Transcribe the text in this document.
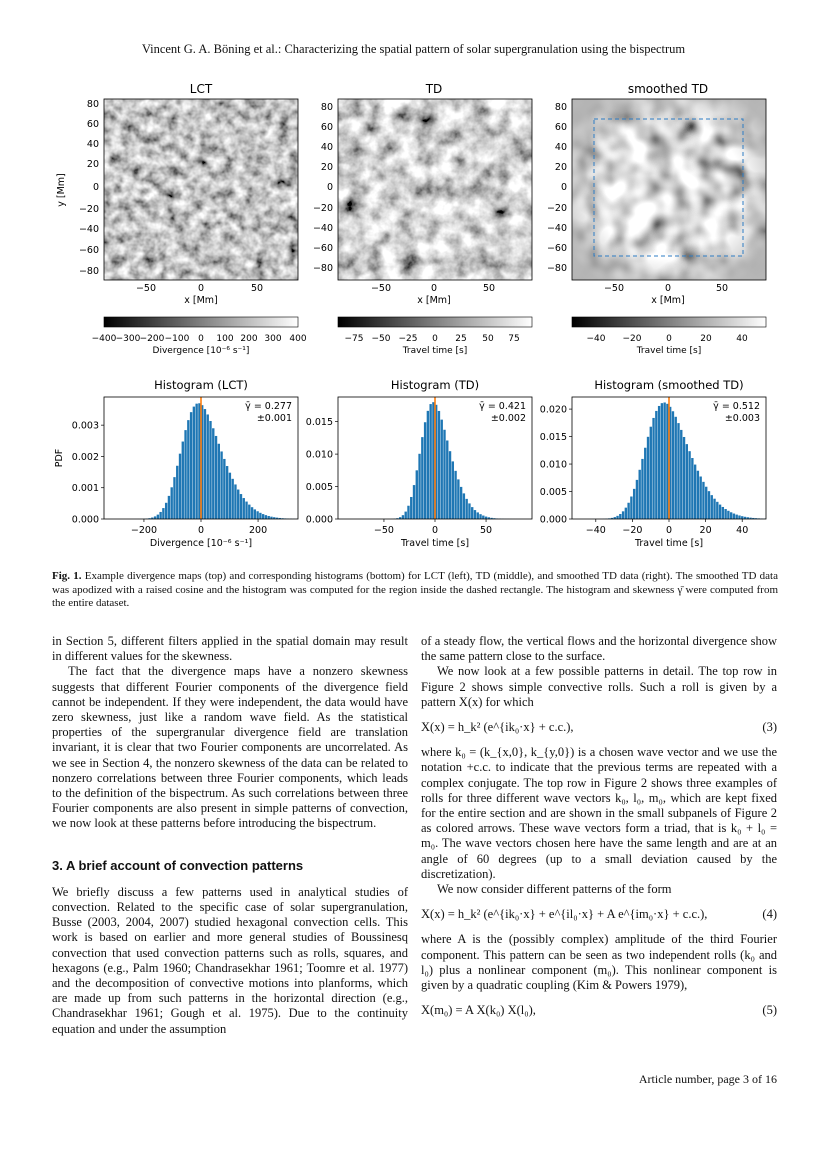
Vincent G. A. Böning et al.: Characterizing the spatial pattern of solar supergranulation using the bispectrum
LCT
80
60
40
20
0
−20
−40
−60
−80
−50	0	50
x [Mm]
y [Mm]
TD
80
60
40
20
0
−20
−40
−60
−80
−50	0	50
x [Mm]
smoothed TD
80
60
40
20
0
−20
−40
−60
−80
−50	0	50
x [Mm]
−400 −300 −200 −100 0 100 200 300 400
Divergence [10⁻⁶ s⁻¹]
−75 −50 −25 0 25 50 75
Travel time [s]
−40 −20	0	20	40
Travel time [s]
Histogram (LCT)
0.000
0.001
0.002
0.003
−200	0	200
Divergence [10⁻⁶ s⁻¹]
PDF
γ̄ = 0.277
±0.001
Histogram (TD)
0.000
0.005
0.010
0.015
−50	0	50
Travel time [s]
γ̄ = 0.421
±0.002
Histogram (smoothed TD)
0.000
0.005
0.010
0.015
0.020
−40 −20 0	20	40
Travel time [s]
γ̄ = 0.512
±0.003
Fig. 1. Example divergence maps (top) and corresponding histograms (bottom) for LCT (left), TD (middle), and smoothed TD data (right). The smoothed TD data was apodized with a raised cosine and the histogram was computed for the region inside the dashed rectangle. The histogram and skewness γ̄ were computed from the entire dataset.

in Section 5, different filters applied in the spatial domain may result in different values for the skewness.

The fact that the divergence maps have a nonzero skewness suggests that different Fourier components of the divergence field cannot be independent. If they were independent, the data would have zero skewness, just like a random wave field. As the statistical properties of the supergranular divergence field are translation invariant, it is clear that two Fourier components are uncorrelated. As we see in Section 4, the nonzero skewness of the data can be related to nonzero correlations between three Fourier components, which leads to the definition of the bispectrum. As such correlations between three Fourier components are also present in simple patterns of convection, we now look at these patterns before introducing the bispectrum.

3. A brief account of convection patterns

We briefly discuss a few patterns used in analytical studies of convection. Related to the specific case of solar supergranulation, Busse (2003, 2004, 2007) studied hexagonal convection cells. This work is based on earlier and more general studies of Boussinesq convection that used convection patterns such as rolls, squares, and hexagons (e.g., Palm 1960; Chandrasekhar 1961; Toomre et al. 1977) and the decomposition of convective motions into planforms, which are made up from such patterns in the horizontal direction (e.g., Chandrasekhar 1961; Gough et al. 1975). Due to the continuity equation and under the assumption

of a steady flow, the vertical flows and the horizontal divergence show the same pattern close to the surface.

We now look at a few possible patterns in detail. The top row in Figure 2 shows simple convective rolls. Such a roll is given by a pattern X(x) for which

X(x) = h_k² (e^{ik₀·x} + c.c.),	(3)

where k₀ = (k_{x,0}, k_{y,0}) is a chosen wave vector and we use the notation +c.c. to indicate that the previous terms are repeated with a complex conjugate. The top row in Figure 2 shows three examples of rolls for three different wave vectors k₀, l₀, m₀, which are kept fixed for the entire section and are shown in the small subpanels of Figure 2 as colored arrows. These wave vectors form a triad, that is k₀ + l₀ = m₀. The wave vectors chosen here have the same length and are at an angle of 60 degrees (up to a small deviation caused by the discretization).

We now consider different patterns of the form

X(x) = h_k² (e^{ik₀·x} + e^{il₀·x} + A e^{im₀·x} + c.c.),	(4)

where A is the (possibly complex) amplitude of the third Fourier component. This pattern can be seen as two independent rolls (k₀ and l₀) plus a nonlinear component (m₀). This nonlinear component is given by a quadratic coupling (Kim & Powers 1979),

X(m₀) = A X(k₀) X(l₀),	(5)
Article number, page 3 of 16
